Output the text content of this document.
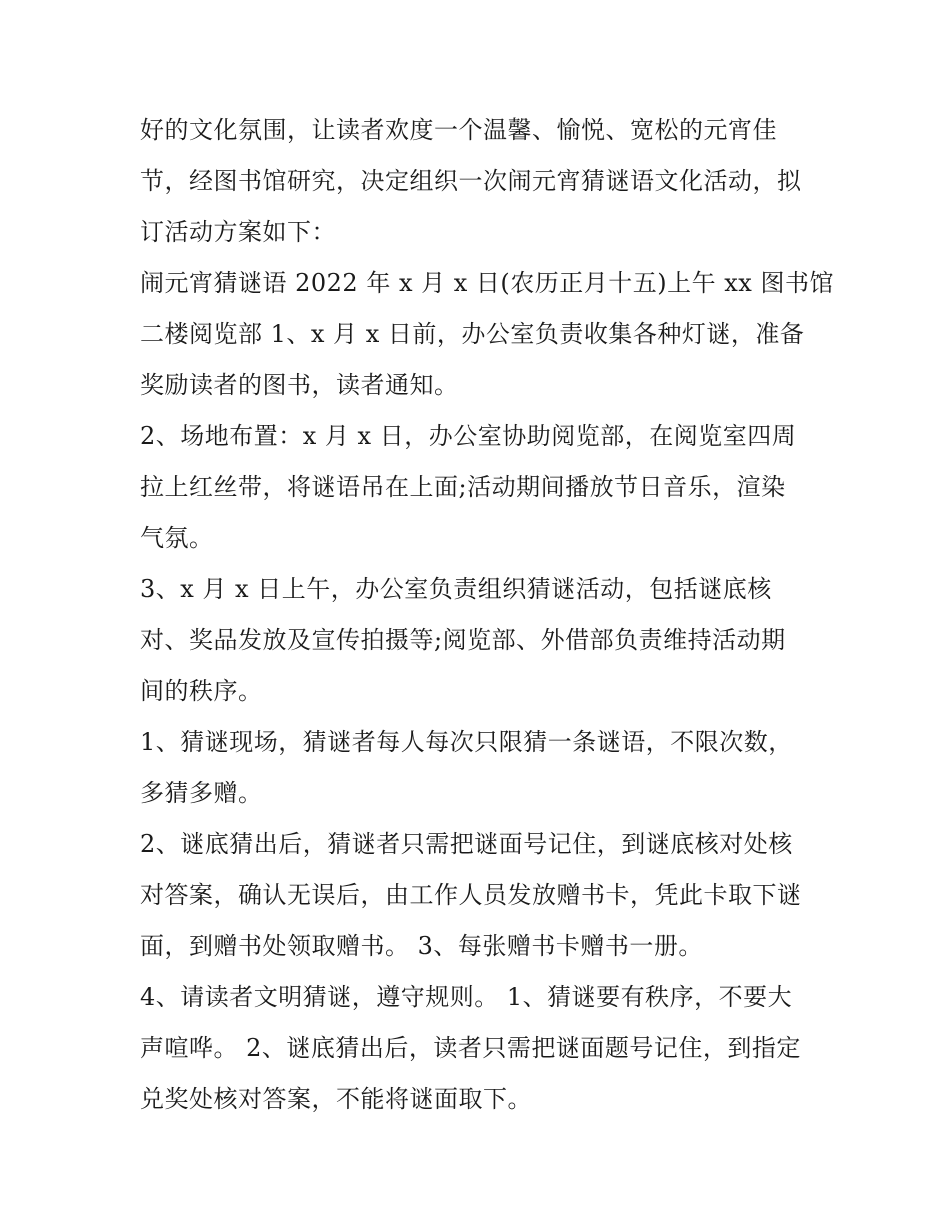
好的文化氛围，让读者欢度一个温馨、愉悦、宽松的元宵佳
节，经图书馆研究，决定组织一次闹元宵猜谜语文化活动，拟
订活动方案如下：
闹元宵猜谜语 2022 年 x 月 x 日(农历正月十五)上午 xx 图书馆
二楼阅览部 1、x 月 x 日前，办公室负责收集各种灯谜，准备
奖励读者的图书，读者通知。
2、场地布置：x 月 x 日，办公室协助阅览部，在阅览室四周
拉上红丝带，将谜语吊在上面;活动期间播放节日音乐，渲染
气氛。
3、x 月 x 日上午，办公室负责组织猜谜活动，包括谜底核
对、奖品发放及宣传拍摄等;阅览部、外借部负责维持活动期
间的秩序。
1、猜谜现场，猜谜者每人每次只限猜一条谜语，不限次数，
多猜多赠。
2、谜底猜出后，猜谜者只需把谜面号记住，到谜底核对处核
对答案，确认无误后，由工作人员发放赠书卡，凭此卡取下谜
面，到赠书处领取赠书。 3、每张赠书卡赠书一册。
4、请读者文明猜谜，遵守规则。 1、猜谜要有秩序，不要大
声喧哗。 2、谜底猜出后，读者只需把谜面题号记住，到指定
兑奖处核对答案，不能将谜面取下。
